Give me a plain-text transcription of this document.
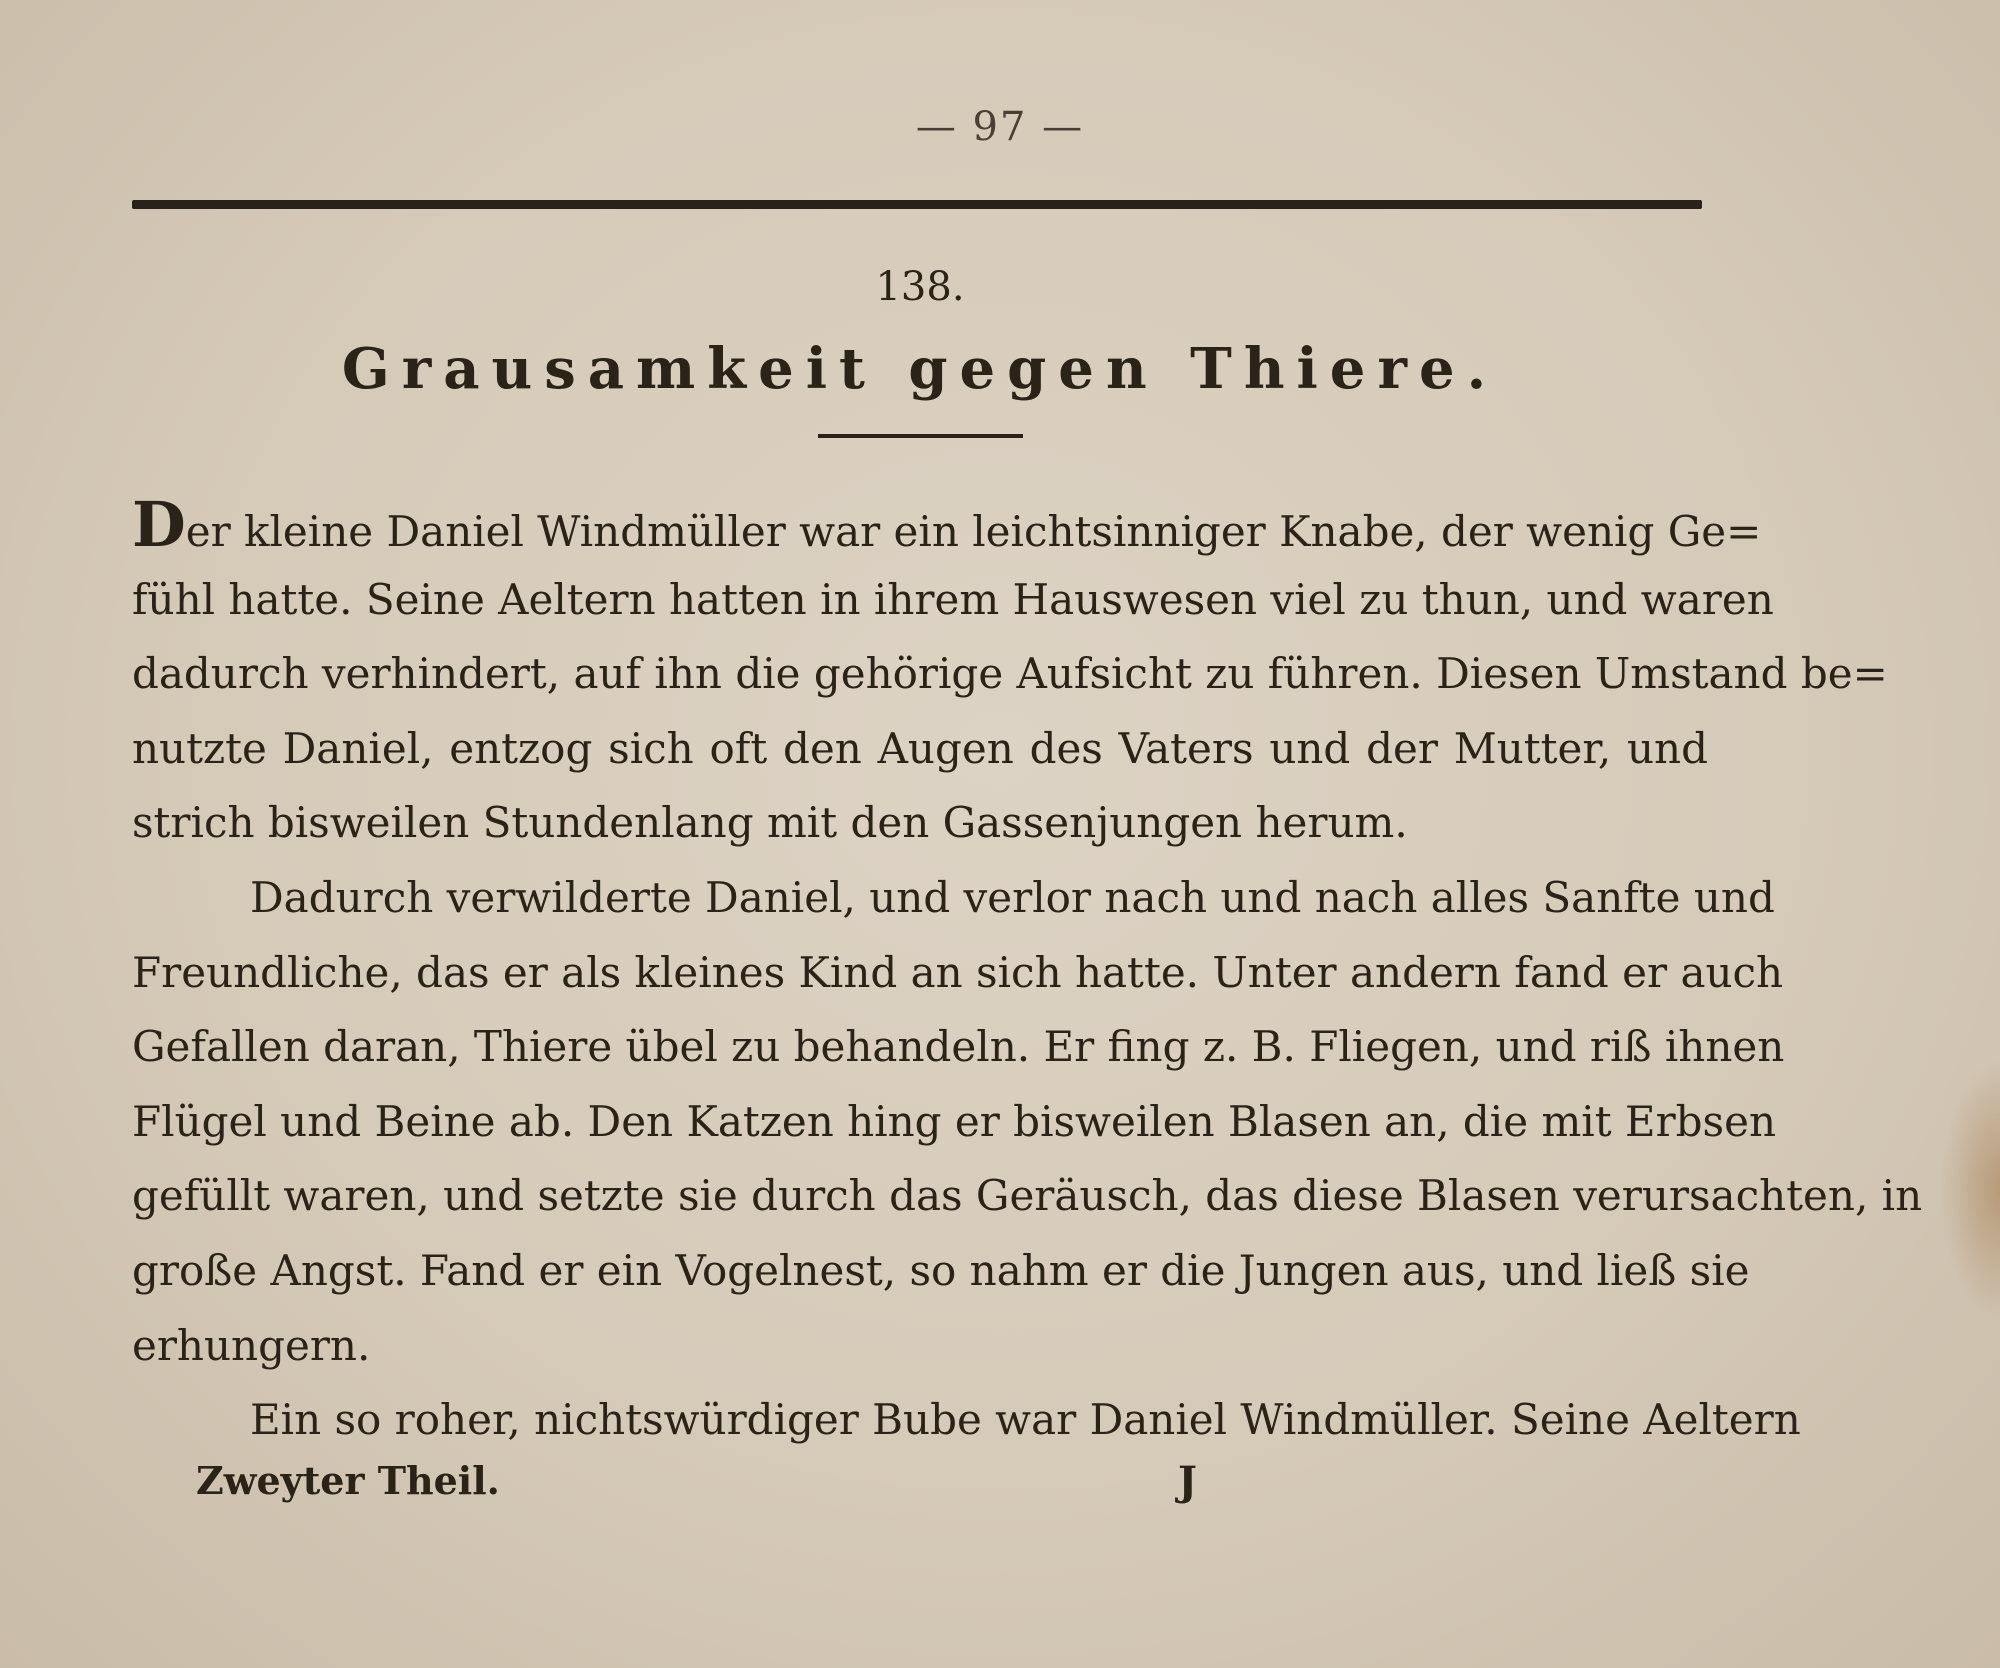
— 97 —
138.
Grausamkeit gegen Thiere.
Der kleine Daniel Windmüller war ein leichtsinniger Knabe, der wenig Ge=
fühl hatte. Seine Aeltern hatten in ihrem Hauswesen viel zu thun, und waren
dadurch verhindert, auf ihn die gehörige Aufsicht zu führen. Diesen Umstand be=
nutzte Daniel, entzog sich oft den Augen des Vaters und der Mutter, und
strich bisweilen Stundenlang mit den Gassenjungen herum.
Dadurch verwilderte Daniel, und verlor nach und nach alles Sanfte und
Freundliche, das er als kleines Kind an sich hatte. Unter andern fand er auch
Gefallen daran, Thiere übel zu behandeln. Er fing z. B. Fliegen, und riß ihnen
Flügel und Beine ab. Den Katzen hing er bisweilen Blasen an, die mit Erbsen
gefüllt waren, und setzte sie durch das Geräusch, das diese Blasen verursachten, in
große Angst. Fand er ein Vogelnest, so nahm er die Jungen aus, und ließ sie
erhungern.
Ein so roher, nichtswürdiger Bube war Daniel Windmüller. Seine Aeltern
Zweyter Theil.	J
